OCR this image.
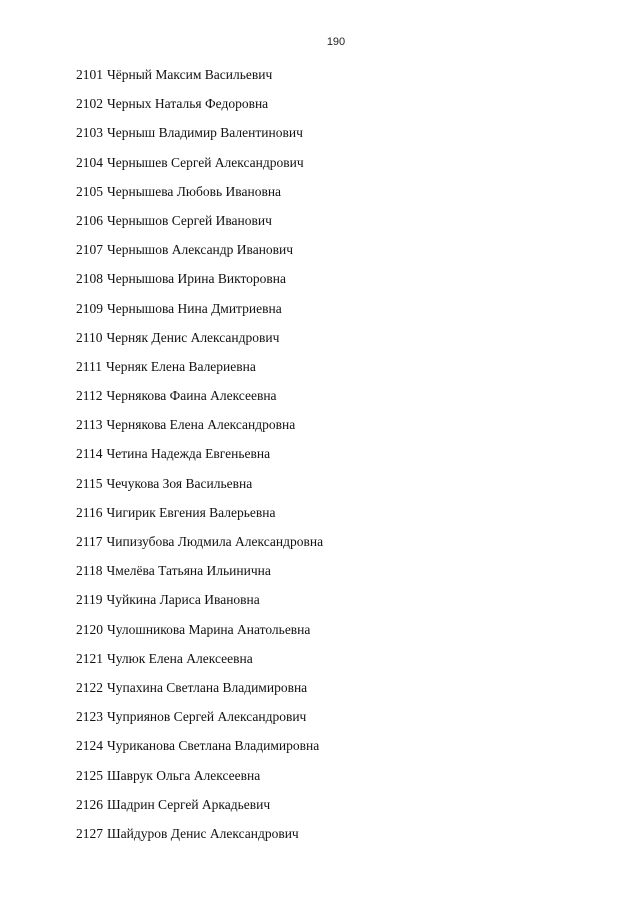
190
2101 Чёрный Максим Васильевич
2102 Черных Наталья Федоровна
2103 Черныш Владимир Валентинович
2104 Чернышев Сергей Александрович
2105 Чернышева Любовь Ивановна
2106 Чернышов Сергей Иванович
2107 Чернышов Александр Иванович
2108 Чернышова Ирина Викторовна
2109 Чернышова Нина Дмитриевна
2110 Черняк Денис Александрович
2111 Черняк Елена Валериевна
2112 Чернякова Фаина Алексеевна
2113 Чернякова Елена Александровна
2114 Четина Надежда Евгеньевна
2115 Чечукова Зоя Васильевна
2116 Чигирик Евгения Валерьевна
2117 Чипизубова Людмила Александровна
2118 Чмелёва Татьяна Ильинична
2119 Чуйкина Лариса Ивановна
2120 Чулошникова Марина Анатольевна
2121 Чулюк Елена Алексеевна
2122 Чупахина Светлана Владимировна
2123 Чуприянов Сергей Александрович
2124 Чуриканова Светлана Владимировна
2125 Шаврук Ольга Алексеевна
2126 Шадрин Сергей Аркадьевич
2127 Шайдуров Денис Александрович
